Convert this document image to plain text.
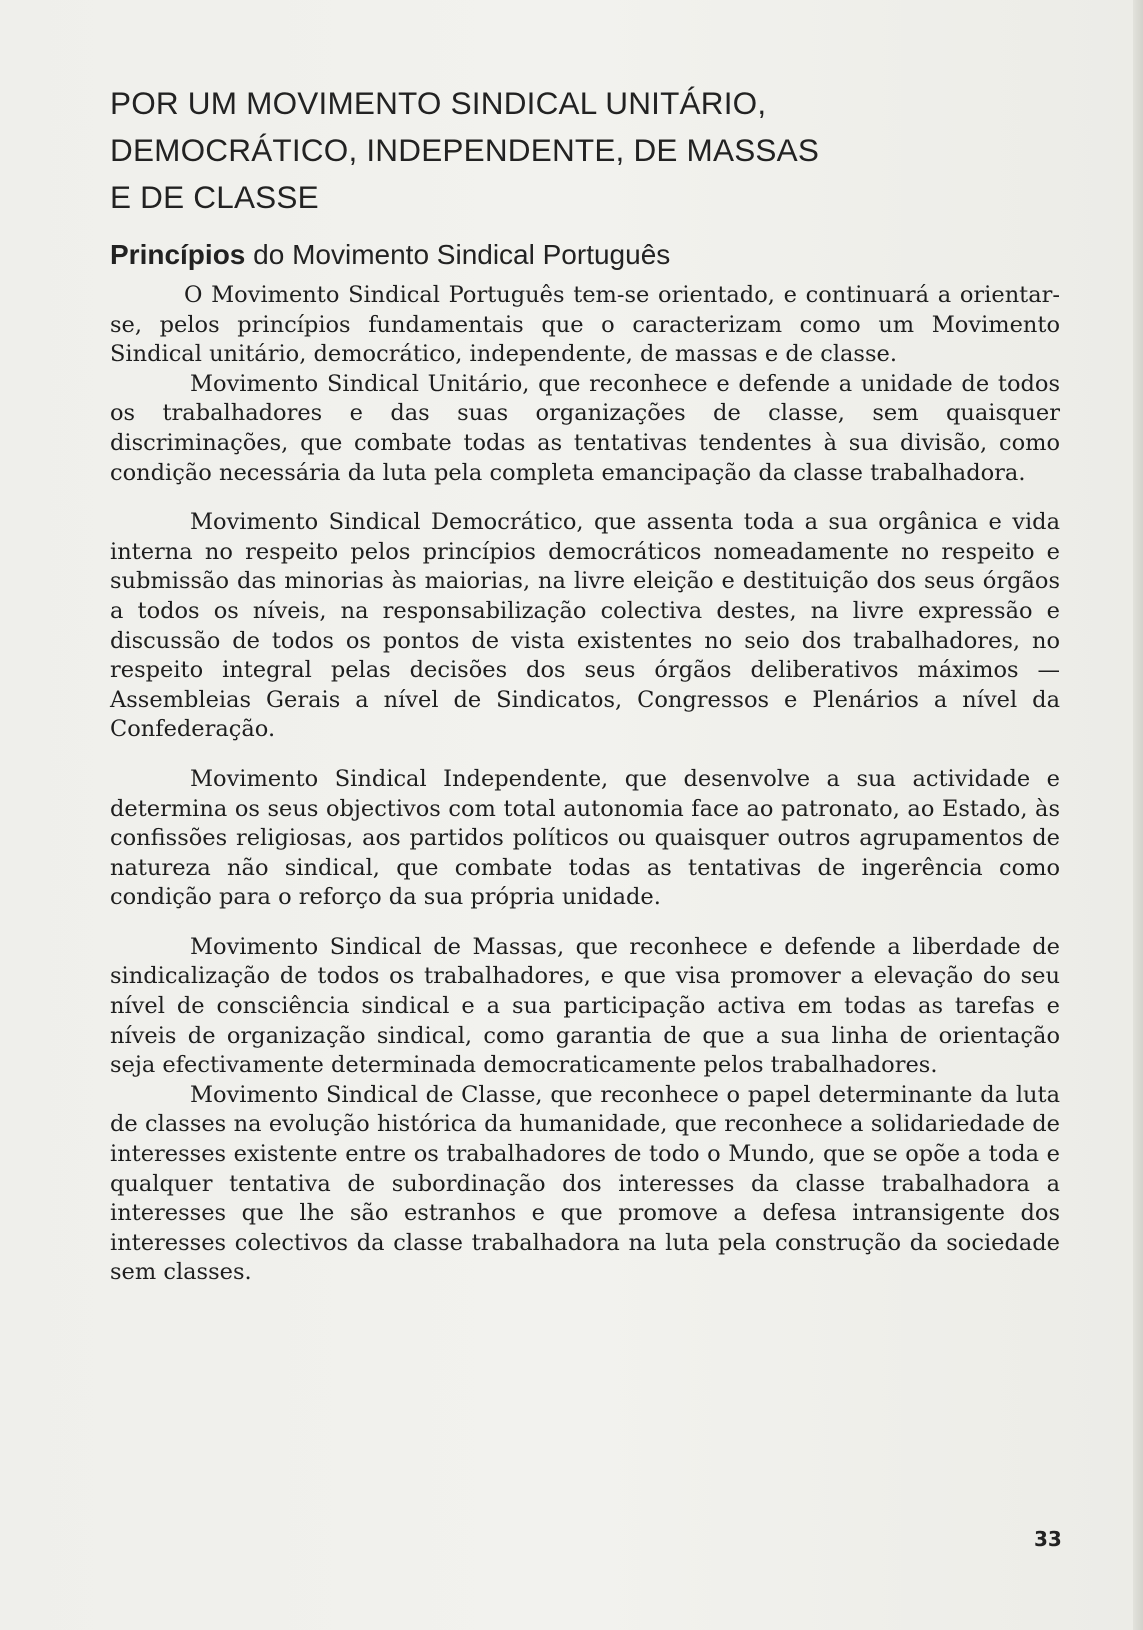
POR UM MOVIMENTO SINDICAL UNITÁRIO,
DEMOCRÁTICO, INDEPENDENTE, DE MASSAS
E DE CLASSE
Princípios do Movimento Sindical Português

O Movimento Sindical Português tem-se orientado, e continuará a orientar-se, pelos princípios fundamentais que o caracterizam como um Movimento Sindical unitário, democrático, independente, de massas e de classe.

Movimento Sindical Unitário, que reconhece e defende a unidade de todos os trabalhadores e das suas organizações de classe, sem quaisquer discriminações, que combate todas as tentativas tendentes à sua divisão, como condição necessária da luta pela completa emancipação da classe trabalhadora.

Movimento Sindical Democrático, que assenta toda a sua orgânica e vida interna no respeito pelos princípios democráticos nomeadamente no respeito e submissão das minorias às maiorias, na livre eleição e destituição dos seus órgãos a todos os níveis, na responsabilização colectiva destes, na livre expressão e discussão de todos os pontos de vista existentes no seio dos trabalhadores, no respeito integral pelas decisões dos seus órgãos deliberativos máximos — Assembleias Gerais a nível de Sindicatos, Congressos e Plenários a nível da Confederação.

Movimento Sindical Independente, que desenvolve a sua actividade e determina os seus objectivos com total autonomia face ao patronato, ao Estado, às confissões religiosas, aos partidos políticos ou quaisquer outros agrupamentos de natureza não sindical, que combate todas as tentativas de ingerência como condição para o reforço da sua própria unidade.

Movimento Sindical de Massas, que reconhece e defende a liberdade de sindicalização de todos os trabalhadores, e que visa promover a elevação do seu nível de consciência sindical e a sua participação activa em todas as tarefas e níveis de organização sindical, como garantia de que a sua linha de orientação seja efectivamente determinada democraticamente pelos trabalhadores.

Movimento Sindical de Classe, que reconhece o papel determinante da luta de classes na evolução histórica da humanidade, que reconhece a solidariedade de interesses existente entre os trabalhadores de todo o Mundo, que se opõe a toda e qualquer tentativa de subordinação dos interesses da classe trabalhadora a interesses que lhe são estranhos e que promove a defesa intransigente dos interesses colectivos da classe trabalhadora na luta pela construção da sociedade sem classes.

33
